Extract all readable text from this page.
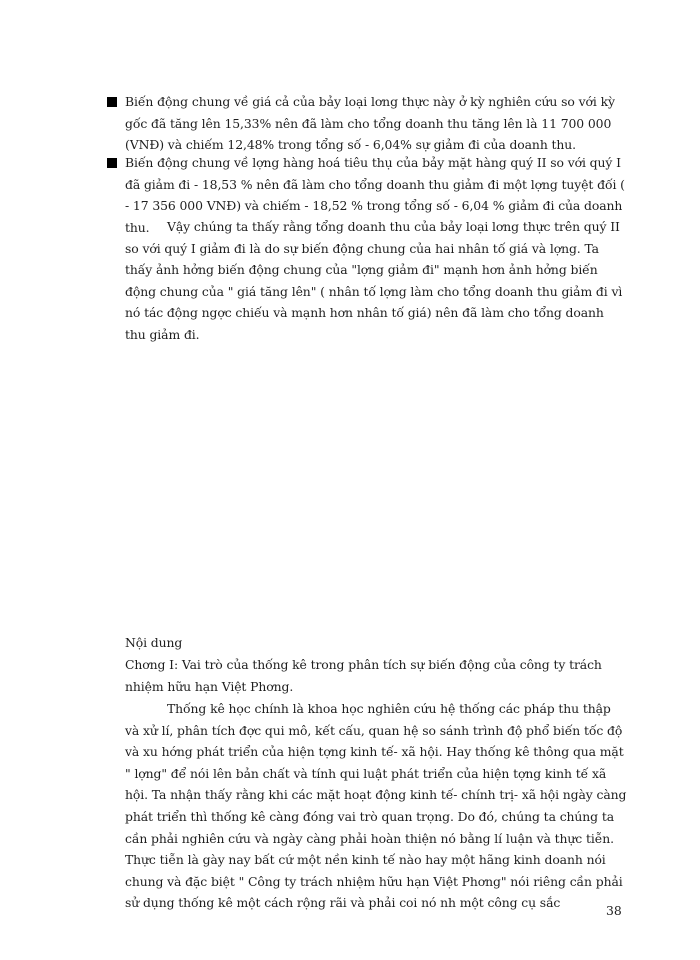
Biến động chung về giá cả của bảy loại lơng thực này ở kỳ nghiên cứu so với kỳ gốc đã tăng lên 15,33% nên đã làm cho tổng doanh thu tăng lên là 11 700 000 (VNĐ) và chiếm 12,48% trong tổng số - 6,04% sự giảm đi của doanh thu.

Biến động chung về lợng hàng hoá tiêu thụ của bảy mặt hàng quý II so với quý I đã giảm đi - 18,53 % nên đã làm cho tổng doanh thu giảm đi một lợng tuyệt đối ( - 17 356 000 VNĐ) và chiếm - 18,52 % trong tổng số - 6,04 % giảm đi của doanh thu.	Vậy chúng ta thấy rằng tổng doanh thu của bảy loại lơng thực trên quý II so với quý I giảm đi là do sự biến động chung của hai nhân tố giá và lợng. Ta thấy ảnh hởng biến động chung của "lợng giảm đi" mạnh hơn ảnh hởng biến động chung của " giá tăng lên" ( nhân tố lợng làm cho tổng doanh thu giảm đi vì nó tác động ngợc chiếu và mạnh hơn nhân tố giá) nên đã làm cho tổng doanh thu giảm đi.

Nội dung

Chơng I: Vai trò của thống kê trong phân tích sự biến động của công ty trách nhiệm hữu hạn Việt Phơng.

Thống kê học chính là khoa học nghiên cứu hệ thống các pháp thu thập và xử lí, phân tích đợc qui mô, kết cấu, quan hệ so sánh trình độ phổ biến tốc độ và xu hớng phát triển của hiện tợng kinh tế- xã hội. Hay thống kê thông qua mặt " lợng" để nói lên bản chất và tính qui luật phát triển của hiện tợng kinh tế xã hội. Ta nhận thấy rằng khi các mặt hoạt động kinh tế- chính trị- xã hội ngày càng phát triển thì thống kê càng đóng vai trò quan trọng. Do đó, chúng ta chúng ta cần phải nghiên cứu và ngày càng phải hoàn thiện nó bằng lí luận và thực tiễn. Thực tiễn là gày nay bất cứ một nền kinh tế nào hay một hãng kinh doanh nói chung và đặc biệt " Công ty trách nhiệm hữu hạn Việt Phơng" nói riêng cần phải sử dụng thống kê một cách rộng rãi và phải coi nó nh một công cụ sắc

38
